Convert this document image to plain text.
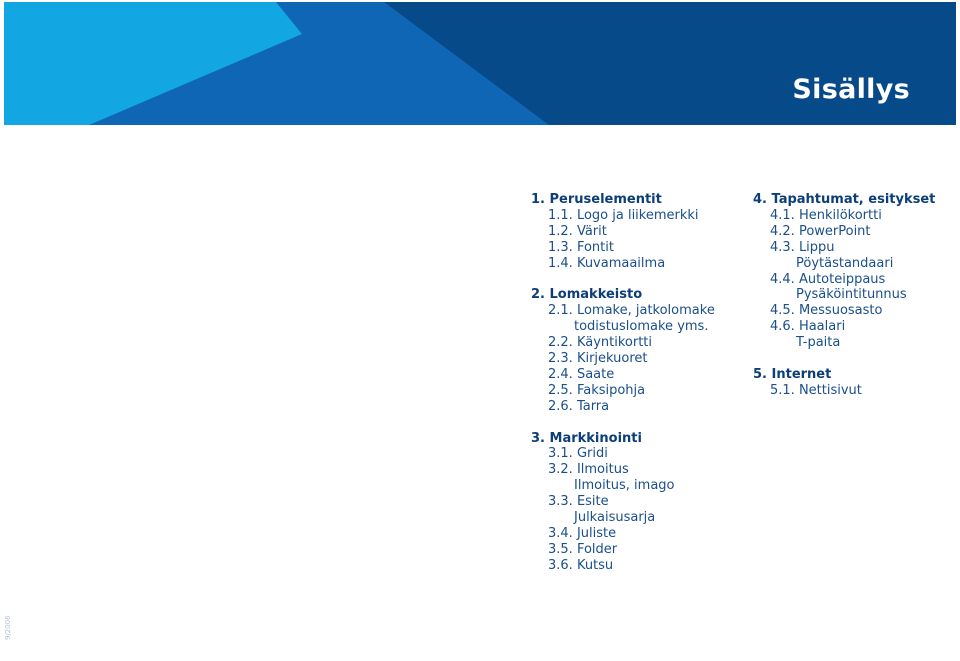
Sisällys
1. Peruselementit
1.1. Logo ja liikemerkki
1.2. Värit
1.3. Fontit
1.4. Kuvamaailma
2. Lomakkeisto
2.1. Lomake, jatkolomake
todistuslomake yms.
2.2. Käyntikortti
2.3. Kirjekuoret
2.4. Saate
2.5. Faksipohja
2.6. Tarra
3. Markkinointi
3.1. Gridi
3.2. Ilmoitus
Ilmoitus, imago
3.3. Esite
Julkaisusarja
3.4. Juliste
3.5. Folder
3.6. Kutsu
4. Tapahtumat, esitykset
4.1. Henkilökortti
4.2. PowerPoint
4.3. Lippu
Pöytästandaari
4.4. Autoteippaus
Pysäköintitunnus
4.5. Messuosasto
4.6. Haalari
T-paita
5. Internet
5.1. Nettisivut
9/2006
